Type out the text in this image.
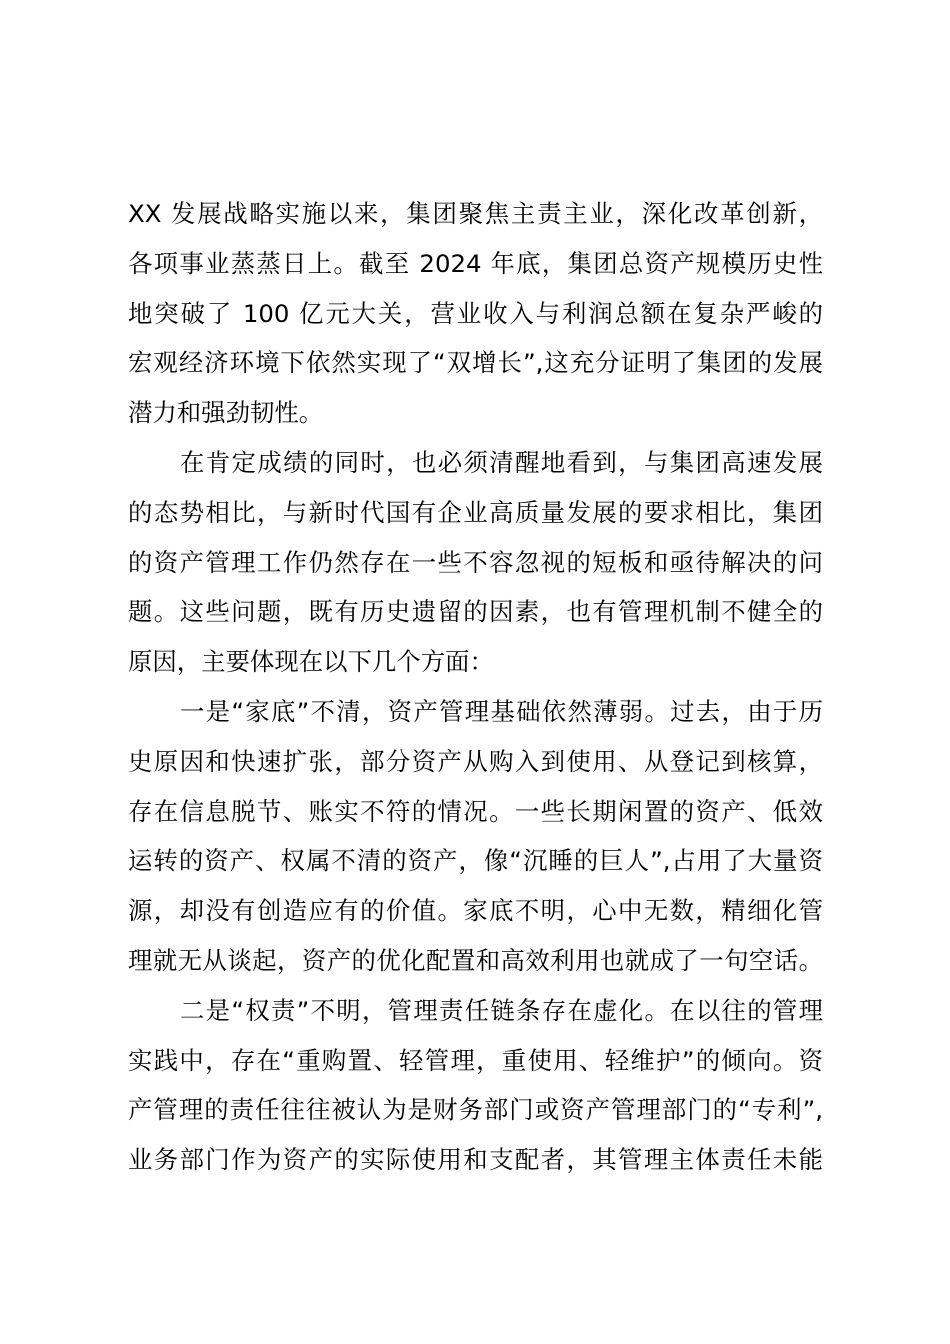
XX 发展战略实施以来，集团聚焦主责主业，深化改革创新，
各项事业蒸蒸日上。截至 2024 年底，集团总资产规模历史性
地突破了 100 亿元大关，营业收入与利润总额在复杂严峻的
宏观经济环境下依然实现了“双增长”,这充分证明了集团的发展
潜力和强劲韧性。
在肯定成绩的同时，也必须清醒地看到，与集团高速发展
的态势相比，与新时代国有企业高质量发展的要求相比，集团
的资产管理工作仍然存在一些不容忽视的短板和亟待解决的问
题。这些问题，既有历史遗留的因素，也有管理机制不健全的
原因，主要体现在以下几个方面：
一是“家底”不清，资产管理基础依然薄弱。过去，由于历
史原因和快速扩张，部分资产从购入到使用、从登记到核算，
存在信息脱节、账实不符的情况。一些长期闲置的资产、低效
运转的资产、权属不清的资产，像“沉睡的巨人”,占用了大量资
源，却没有创造应有的价值。家底不明，心中无数，精细化管
理就无从谈起，资产的优化配置和高效利用也就成了一句空话。
二是“权责”不明，管理责任链条存在虚化。在以往的管理
实践中，存在“重购置、轻管理，重使用、轻维护”的倾向。资
产管理的责任往往被认为是财务部门或资产管理部门的“专利”,
业务部门作为资产的实际使用和支配者，其管理主体责任未能
